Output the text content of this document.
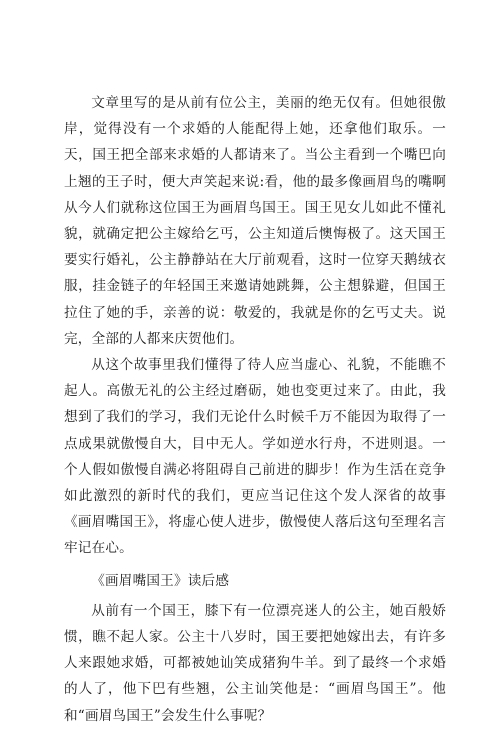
文章里写的是从前有位公主，美丽的绝无仅有。但她很傲岸，觉得没有一个求婚的人能配得上她，还拿他们取乐。一天，国王把全部来求婚的人都请来了。当公主看到一个嘴巴向上翘的王子时，便大声笑起来说:看，他的最多像画眉鸟的嘴啊从今人们就称这位国王为画眉鸟国王。国王见女儿如此不懂礼貌，就确定把公主嫁给乞丐，公主知道后懊悔极了。这天国王要实行婚礼，公主静静站在大厅前观看，这时一位穿天鹅绒衣服，挂金链子的年轻国王来邀请她跳舞，公主想躲避，但国王拉住了她的手，亲善的说：敬爱的，我就是你的乞丐丈夫。说完，全部的人都来庆贺他们。

从这个故事里我们懂得了待人应当虚心、礼貌，不能瞧不起人。高傲无礼的公主经过磨砺，她也变更过来了。由此，我想到了我们的学习，我们无论什么时候千万不能因为取得了一点成果就傲慢自大，目中无人。学如逆水行舟，不进则退。一个人假如傲慢自满必将阻碍自己前进的脚步！作为生活在竞争如此激烈的新时代的我们，更应当记住这个发人深省的故事《画眉嘴国王》，将虚心使人进步，傲慢使人落后这句至理名言牢记在心。

《画眉嘴国王》读后感

从前有一个国王，膝下有一位漂亮迷人的公主，她百般娇惯，瞧不起人家。公主十八岁时，国王要把她嫁出去，有许多人来跟她求婚，可都被她讪笑成猪狗牛羊。到了最终一个求婚的人了，他下巴有些翘，公主讪笑他是：“画眉鸟国王”。他和“画眉鸟国王”会发生什么事呢？
